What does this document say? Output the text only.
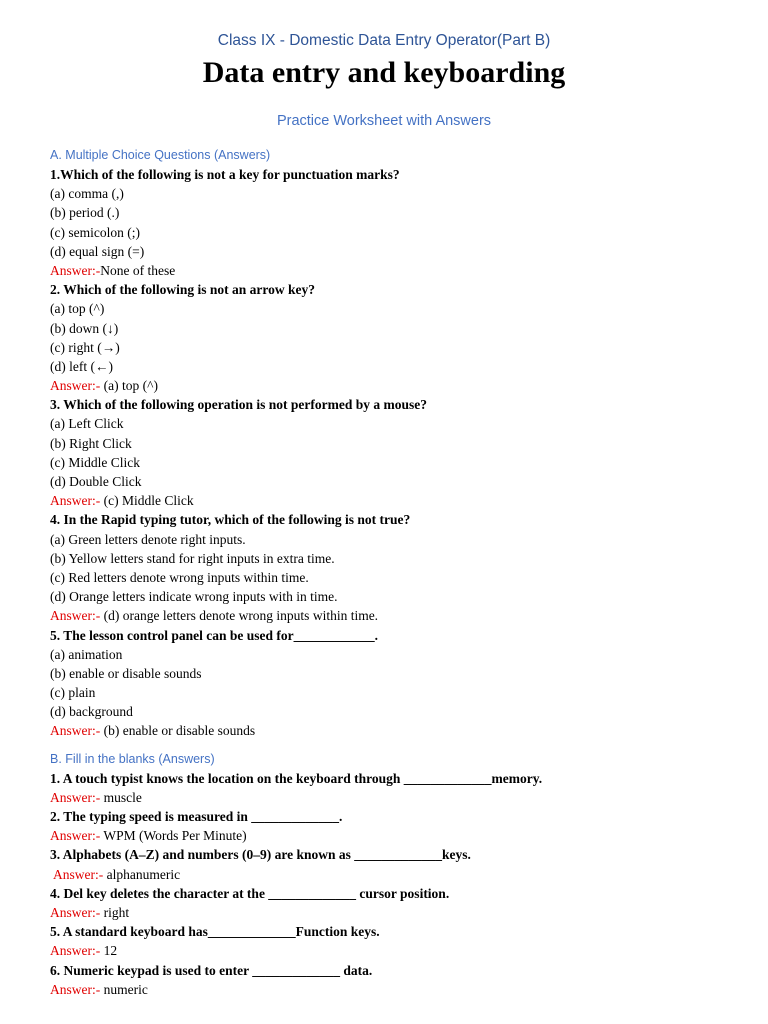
Class IX - Domestic Data Entry Operator(Part B)
Data entry and keyboarding
Practice Worksheet with Answers
A. Multiple Choice Questions (Answers)
1.Which of the following is not a key for punctuation marks?
(a) comma (,)
(b) period (.)
(c) semicolon (;)
(d) equal sign (=)
Answer:-None of these
2. Which of the following is not an arrow key?
(a) top (^)
(b) down (↓)
(c) right (→)
(d) left (←)
Answer:- (a) top (^)
3. Which of the following operation is not performed by a mouse?
(a) Left Click
(b) Right Click
(c) Middle Click
(d) Double Click
Answer:- (c) Middle Click
4. In the Rapid typing tutor, which of the following is not true?
(a) Green letters denote right inputs.
(b) Yellow letters stand for right inputs in extra time.
(c) Red letters denote wrong inputs within time.
(d) Orange letters indicate wrong inputs with in time.
Answer:- (d) orange letters denote wrong inputs within time.
5. The lesson control panel can be used for____________.
(a) animation
(b) enable or disable sounds
(c) plain
(d) background
Answer:- (b) enable or disable sounds
B. Fill in the blanks (Answers)
1. A touch typist knows the location on the keyboard through _____________memory.
Answer:- muscle
2. The typing speed is measured in _____________.
Answer:- WPM (Words Per Minute)
3. Alphabets (A–Z) and numbers (0–9) are known as _____________keys.
Answer:- alphanumeric
4. Del key deletes the character at the _____________ cursor position.
Answer:- right
5. A standard keyboard has_____________Function keys.
Answer:- 12
6. Numeric keypad is used to enter _____________ data.
Answer:- numeric
